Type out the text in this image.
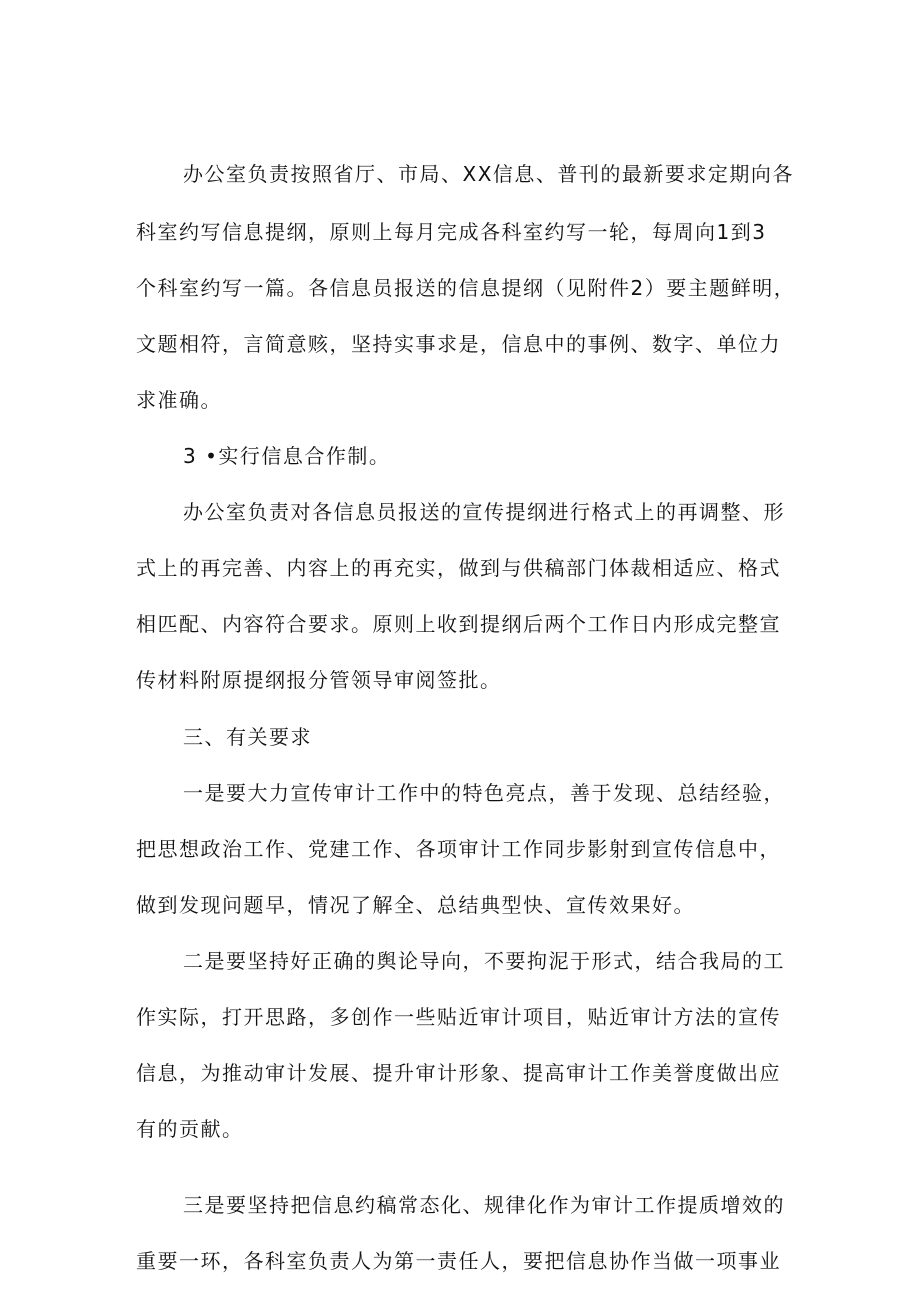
办公室负责按照省厅、市局、XX信息、普刊的最新要求定期向各
科室约写信息提纲，原则上每月完成各科室约写一轮，每周向1到3
个科室约写一篇。各信息员报送的信息提纲（见附件2）要主题鲜明，
文题相符，言简意赅，坚持实事求是，信息中的事例、数字、单位力
求准确。
3 •实行信息合作制。
办公室负责对各信息员报送的宣传提纲进行格式上的再调整、形
式上的再完善、内容上的再充实，做到与供稿部门体裁相适应、格式
相匹配、内容符合要求。原则上收到提纲后两个工作日内形成完整宣
传材料附原提纲报分管领导审阅签批。
三、有关要求
一是要大力宣传审计工作中的特色亮点，善于发现、总结经验，
把思想政治工作、党建工作、各项审计工作同步影射到宣传信息中，
做到发现问题早，情况了解全、总结典型快、宣传效果好。
二是要坚持好正确的舆论导向，不要拘泥于形式，结合我局的工
作实际，打开思路，多创作一些贴近审计项目，贴近审计方法的宣传
信息，为推动审计发展、提升审计形象、提高审计工作美誉度做出应
有的贡献。
三是要坚持把信息约稿常态化、规律化作为审计工作提质增效的
重要一环，各科室负责人为第一责任人，要把信息协作当做一项事业
